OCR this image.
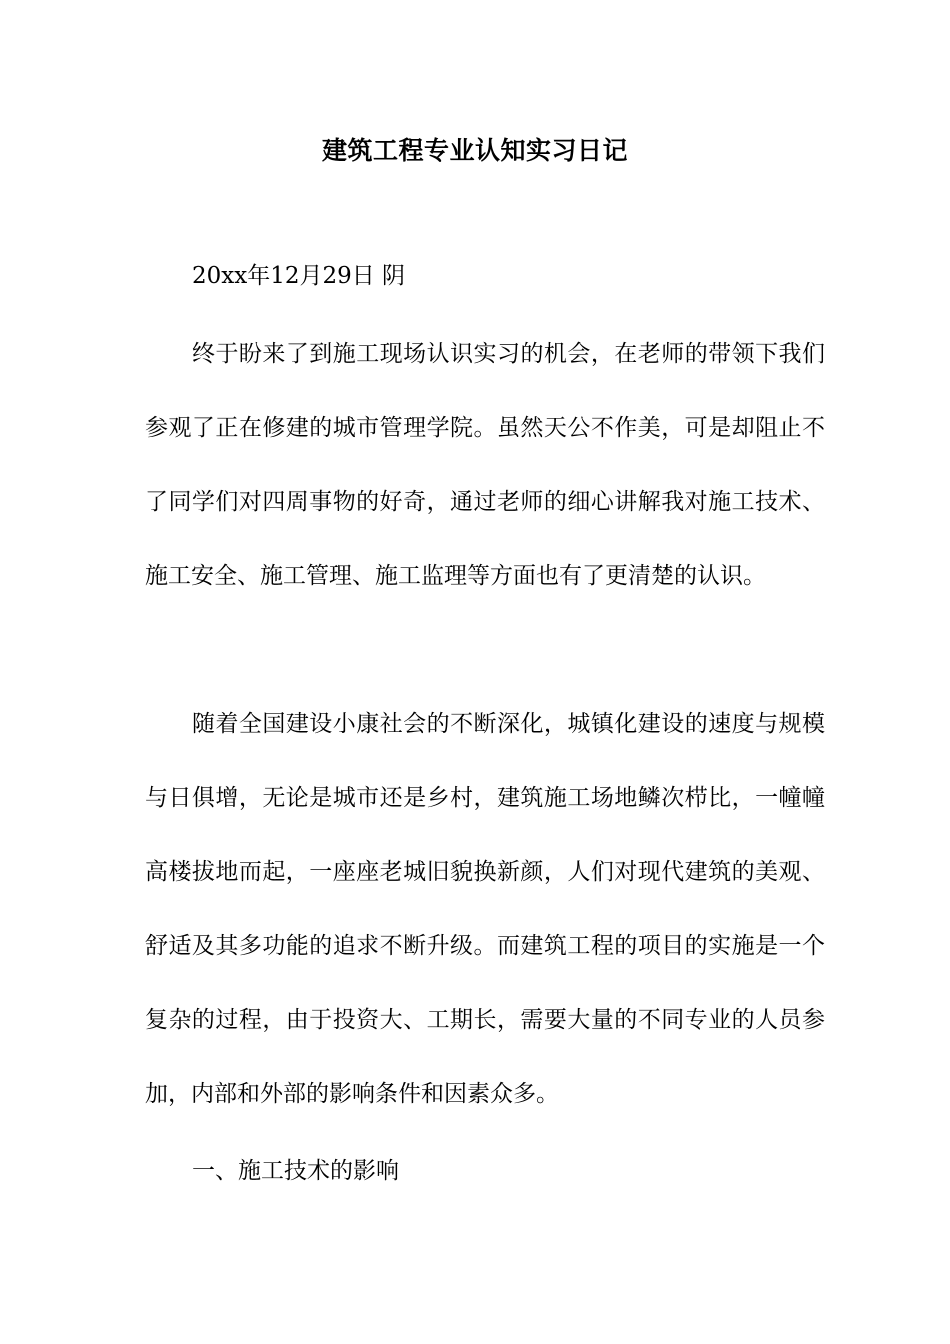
建筑工程专业认知实习日记
20xx年12月29日 阴

终于盼来了到施工现场认识实习的机会，在老师的带领下我们参观了正在修建的城市管理学院。虽然天公不作美，可是却阻止不了同学们对四周事物的好奇，通过老师的细心讲解我对施工技术、施工安全、施工管理、施工监理等方面也有了更清楚的认识。

随着全国建设小康社会的不断深化，城镇化建设的速度与规模与日俱增，无论是城市还是乡村，建筑施工场地鳞次栉比，一幢幢高楼拔地而起，一座座老城旧貌换新颜，人们对现代建筑的美观、舒适及其多功能的追求不断升级。而建筑工程的项目的实施是一个复杂的过程，由于投资大、工期长，需要大量的不同专业的人员参加，内部和外部的影响条件和因素众多。

一、施工技术的影响
